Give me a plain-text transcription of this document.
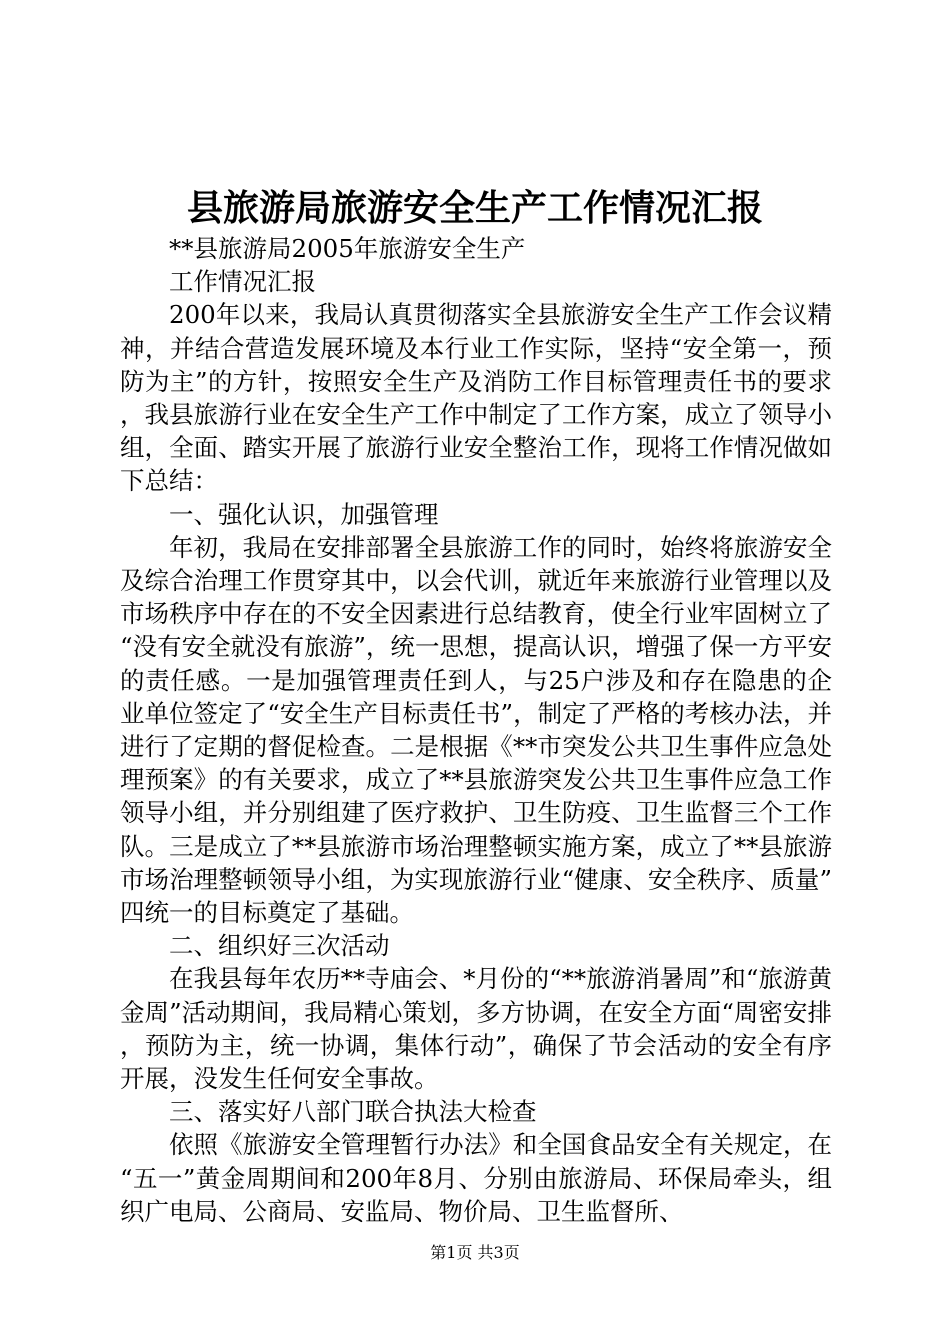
县旅游局旅游安全生产工作情况汇报

**县旅游局2005年旅游安全生产

工作情况汇报

200年以来，我局认真贯彻落实全县旅游安全生产工作会议精神，并结合营造发展环境及本行业工作实际，坚持“安全第一，预防为主”的方针，按照安全生产及消防工作目标管理责任书的要求，我县旅游行业在安全生产工作中制定了工作方案，成立了领导小组，全面、踏实开展了旅游行业安全整治工作，现将工作情况做如下总结：

一、强化认识，加强管理

年初，我局在安排部署全县旅游工作的同时，始终将旅游安全及综合治理工作贯穿其中，以会代训，就近年来旅游行业管理以及市场秩序中存在的不安全因素进行总结教育，使全行业牢固树立了“没有安全就没有旅游”，统一思想，提高认识，增强了保一方平安的责任感。一是加强管理责任到人，与25户涉及和存在隐患的企业单位签定了“安全生产目标责任书”，制定了严格的考核办法，并进行了定期的督促检查。二是根据《**市突发公共卫生事件应急处理预案》的有关要求，成立了**县旅游突发公共卫生事件应急工作领导小组，并分别组建了医疗救护、卫生防疫、卫生监督三个工作队。三是成立了**县旅游市场治理整顿实施方案，成立了**县旅游市场治理整顿领导小组，为实现旅游行业“健康、安全秩序、质量”四统一的目标奠定了基础。

二、组织好三次活动

在我县每年农历**寺庙会、*月份的“**旅游消暑周”和“旅游黄金周”活动期间，我局精心策划，多方协调，在安全方面“周密安排，预防为主，统一协调，集体行动”，确保了节会活动的安全有序开展，没发生任何安全事故。

三、落实好八部门联合执法大检查

依照《旅游安全管理暂行办法》和全国食品安全有关规定，在“五一”黄金周期间和200年8月、分别由旅游局、环保局牵头，组织广电局、公商局、安监局、物价局、卫生监督所、

第1页 共3页
